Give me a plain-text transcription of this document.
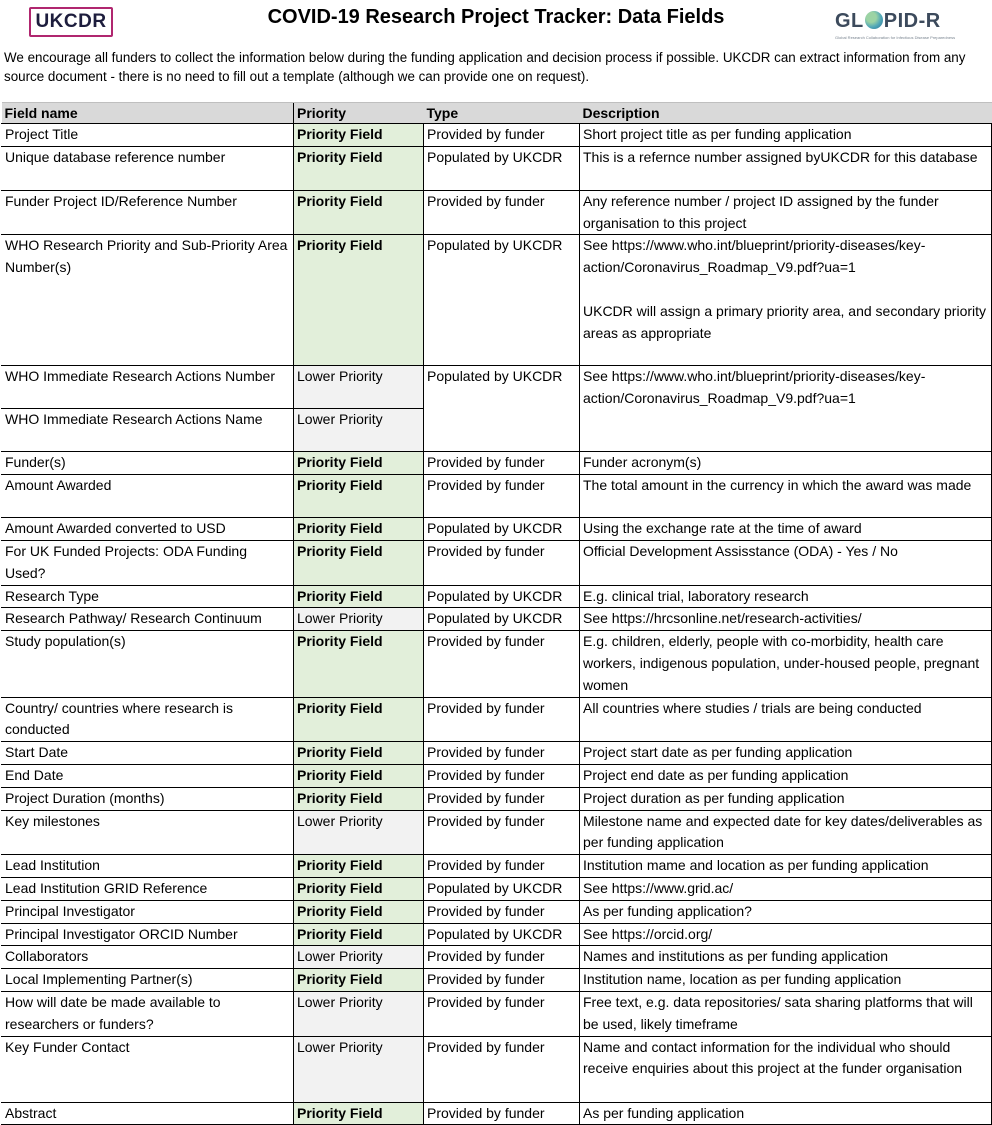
UKCDR	COVID-19 Research Project Tracker: Data Fields	GL PID-R
Global Research Collaboration for Infectious Disease Preparedness
We encourage all funders to collect the information below during the funding application and decision process if possible. UKCDR can extract information from any source document - there is no need to fill out a template (although we can provide one on request).
Field name	Priority	Type	Description
Project Title	Priority Field	Provided by funder	Short project title as per funding application
Unique database reference number	Priority Field	Populated by UKCDR	This is a refernce number assigned byUKCDR for this database
Funder Project ID/Reference Number	Priority Field	Provided by funder	Any reference number / project ID assigned by the funder organisation to this project
WHO Research Priority and Sub-Priority Area Number(s)	Priority Field	Populated by UKCDR	See https://www.who.int/blueprint/priority-diseases/key-action/Coronavirus_Roadmap_V9.pdf?ua=1
UKCDR will assign a primary priority area, and secondary priority areas as appropriate

WHO Immediate Research Actions Number	Lower Priority	Populated by UKCDR	See https://www.who.int/blueprint/priority-diseases/key-action/Coronavirus_Roadmap_V9.pdf?ua=1
WHO Immediate Research Actions Name	Lower Priority		
Funder(s)	Priority Field	Provided by funder	Funder acronym(s)
Amount Awarded	Priority Field	Provided by funder	The total amount in the currency in which the award was made
Amount Awarded converted to USD	Priority Field	Populated by UKCDR	Using the exchange rate at the time of award
For UK Funded Projects: ODA Funding Used?	Priority Field	Provided by funder	Official Development Assisstance (ODA) - Yes / No
Research Type	Priority Field	Populated by UKCDR	E.g. clinical trial, laboratory research
Research Pathway/ Research Continuum	Lower Priority	Populated by UKCDR	See https://hrcsonline.net/research-activities/
Study population(s)	Priority Field	Provided by funder	E.g. children, elderly, people with co-morbidity, health care workers, indigenous population, under-housed people, pregnant women
Country/ countries where research is conducted	Priority Field	Provided by funder	All countries where studies / trials are being conducted
Start Date	Priority Field	Provided by funder	Project start date as per funding application
End Date	Priority Field	Provided by funder	Project end date as per funding application
Project Duration (months)	Priority Field	Provided by funder	Project duration as per funding application
Key milestones	Lower Priority	Provided by funder	Milestone name and expected date for key dates/deliverables as per funding application
Lead Institution	Priority Field	Provided by funder	Institution mame and location as per funding application
Lead Institution GRID Reference	Priority Field	Populated by UKCDR	See https://www.grid.ac/
Principal Investigator	Priority Field	Provided by funder	As per funding application?
Principal Investigator ORCID Number	Priority Field	Populated by UKCDR	See https://orcid.org/
Collaborators	Lower Priority	Provided by funder	Names and institutions as per funding application
Local Implementing Partner(s)	Priority Field	Provided by funder	Institution name, location as per funding application
How will date be made available to researchers or funders?	Lower Priority	Provided by funder	Free text, e.g. data repositories/ sata sharing platforms that will be used, likely timeframe
Key Funder Contact	Lower Priority	Provided by funder	Name and contact information for the individual who should receive enquiries about this project at the funder organisation
Abstract	Priority Field	Provided by funder	As per funding application
